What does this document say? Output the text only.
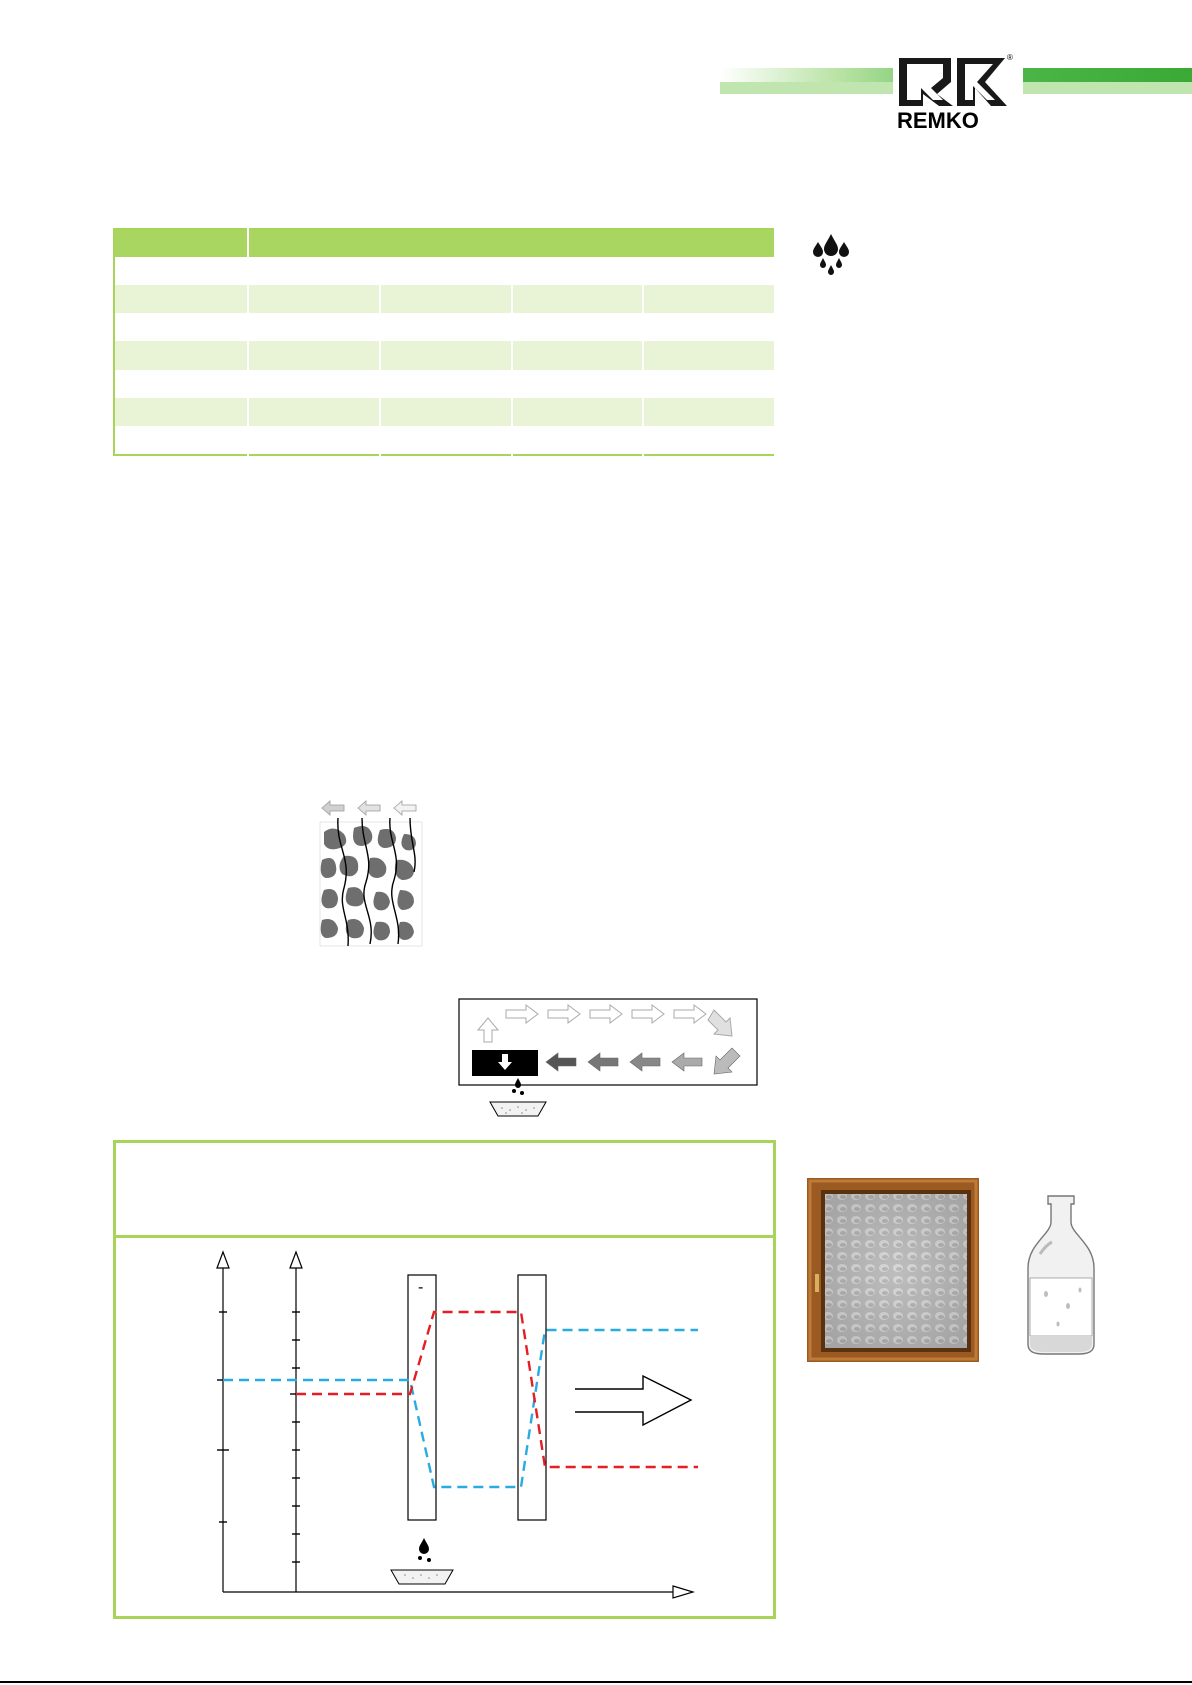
®
REMKO

-
